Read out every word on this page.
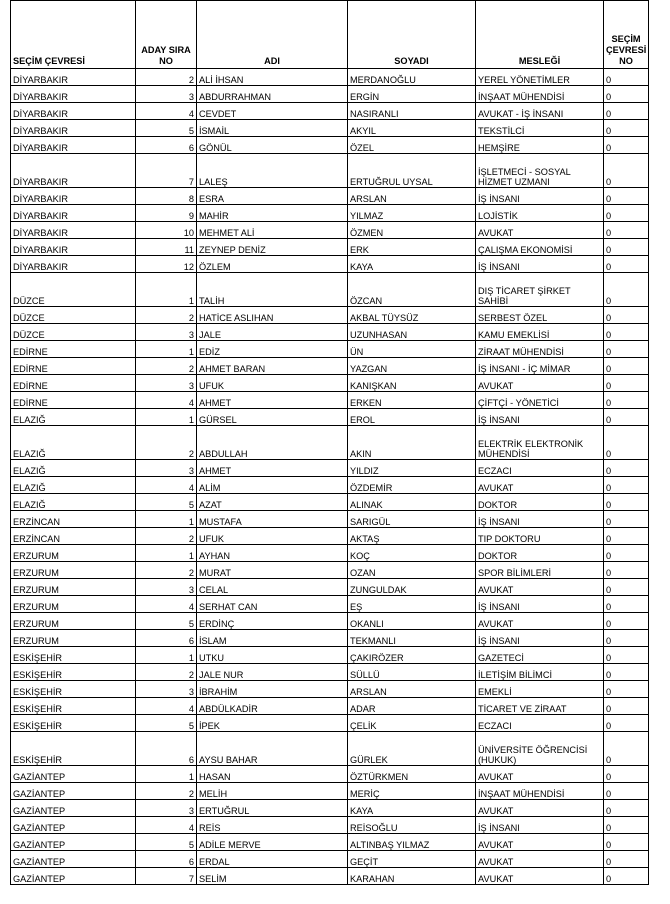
SEÇİM ÇEVRESİ	ADAY SIRA NO	ADI	SOYADI	MESLEĞİ	SEÇİM ÇEVRESİ NO
DİYARBAKIR	2	ALİ İHSAN	MERDANOĞLU	YEREL YÖNETİMLER	0
DİYARBAKIR	3	ABDURRAHMAN	ERGİN	İNŞAAT MÜHENDİSİ	0
DİYARBAKIR	4	CEVDET	NASIRANLI	AVUKAT - İŞ İNSANI	0
DİYARBAKIR	5	İSMAİL	AKYIL	TEKSTİLCİ	0
DİYARBAKIR	6	GÖNÜL	ÖZEL	HEMŞİRE	0
DİYARBAKIR	7	LALEŞ	ERTUĞRUL UYSAL	İŞLETMECİ - SOSYAL HİZMET UZMANI	0
DİYARBAKIR	8	ESRA	ARSLAN	İŞ İNSANI	0
DİYARBAKIR	9	MAHİR	YILMAZ	LOJİSTİK	0
DİYARBAKIR	10	MEHMET ALİ	ÖZMEN	AVUKAT	0
DİYARBAKIR	11	ZEYNEP DENİZ	ERK	ÇALIŞMA EKONOMİSİ	0
DİYARBAKIR	12	ÖZLEM	KAYA	İŞ İNSANI	0
DÜZCE	1	TALİH	ÖZCAN	DIŞ TİCARET ŞİRKET SAHİBİ	0
DÜZCE	2	HATİCE ASLIHAN	AKBAL TÜYSÜZ	SERBEST ÖZEL	0
DÜZCE	3	JALE	UZUNHASAN	KAMU EMEKLİSİ	0
EDİRNE	1	EDİZ	ÜN	ZİRAAT MÜHENDİSİ	0
EDİRNE	2	AHMET BARAN	YAZGAN	İŞ İNSANI - İÇ MİMAR	0
EDİRNE	3	UFUK	KANIŞKAN	AVUKAT	0
EDİRNE	4	AHMET	ERKEN	ÇİFTÇİ - YÖNETİCİ	0
ELAZIĞ	1	GÜRSEL	EROL	İŞ İNSANI	0
ELAZIĞ	2	ABDULLAH	AKIN	ELEKTRİK ELEKTRONİK MÜHENDİSİ	0
ELAZIĞ	3	AHMET	YILDIZ	ECZACI	0
ELAZIĞ	4	ALİM	ÖZDEMİR	AVUKAT	0
ELAZIĞ	5	AZAT	ALINAK	DOKTOR	0
ERZİNCAN	1	MUSTAFA	SARIGÜL	İŞ İNSANI	0
ERZİNCAN	2	UFUK	AKTAŞ	TIP DOKTORU	0
ERZURUM	1	AYHAN	KOÇ	DOKTOR	0
ERZURUM	2	MURAT	OZAN	SPOR BİLİMLERİ	0
ERZURUM	3	CELAL	ZUNGULDAK	AVUKAT	0
ERZURUM	4	SERHAT CAN	EŞ	İŞ İNSANI	0
ERZURUM	5	ERDİNÇ	OKANLI	AVUKAT	0
ERZURUM	6	İSLAM	TEKMANLI	İŞ İNSANI	0
ESKİŞEHİR	1	UTKU	ÇAKIRÖZER	GAZETECİ	0
ESKİŞEHİR	2	JALE NUR	SÜLLÜ	İLETİŞİM BİLİMCİ	0
ESKİŞEHİR	3	İBRAHİM	ARSLAN	EMEKLİ	0
ESKİŞEHİR	4	ABDÜLKADİR	ADAR	TİCARET VE ZİRAAT	0
ESKİŞEHİR	5	İPEK	ÇELİK	ECZACI	0
ESKİŞEHİR	6	AYSU BAHAR	GÜRLEK	ÜNİVERSİTE ÖĞRENCİSİ (HUKUK)	0
GAZİANTEP	1	HASAN	ÖZTÜRKMEN	AVUKAT	0
GAZİANTEP	2	MELİH	MERİÇ	İNŞAAT MÜHENDİSİ	0
GAZİANTEP	3	ERTUĞRUL	KAYA	AVUKAT	0
GAZİANTEP	4	REİS	REİSOĞLU	İŞ İNSANI	0
GAZİANTEP	5	ADİLE MERVE	ALTINBAŞ YILMAZ	AVUKAT	0
GAZİANTEP	6	ERDAL	GEÇİT	AVUKAT	0
GAZİANTEP	7	SELİM	KARAHAN	AVUKAT	0
